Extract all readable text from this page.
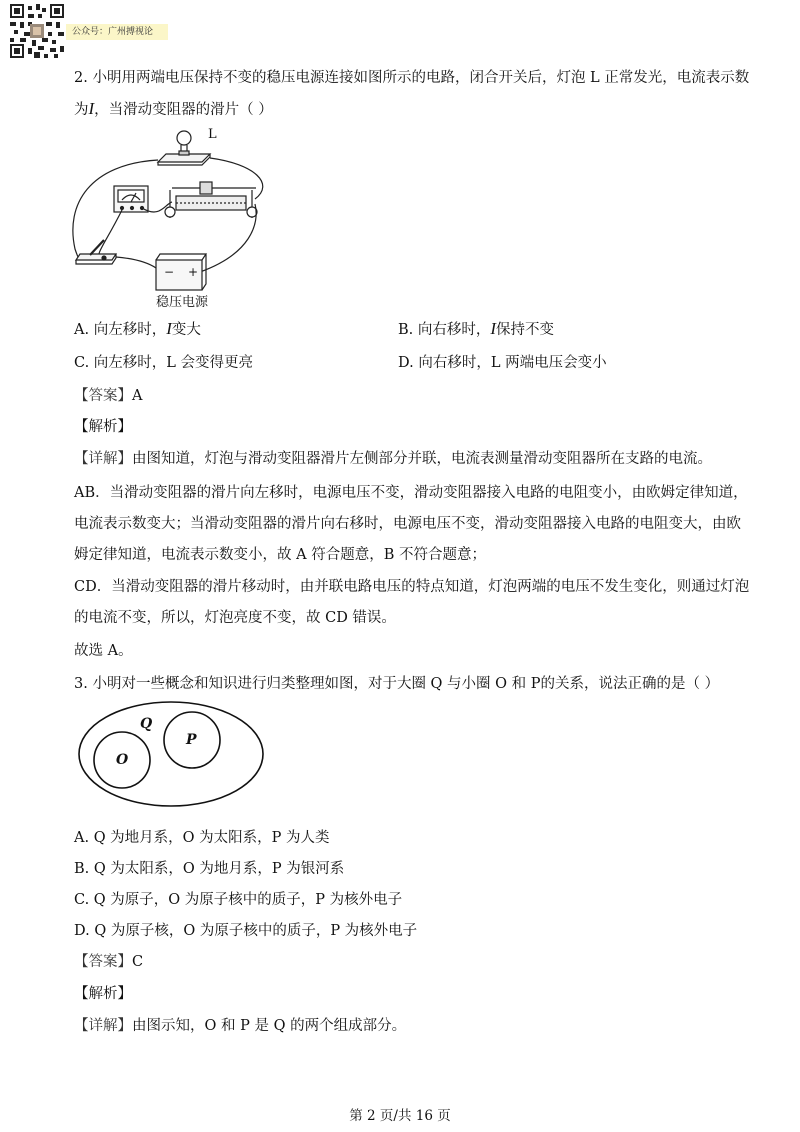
公众号：广州搏视论
2. 小明用两端电压保持不变的稳压电源连接如图所示的电路，闭合开关后，灯泡 L 正常发光，电流表示数
为I，当滑动变阻器的滑片（ ）
L
− +
稳压电源
A. 向左移时，I变大	B. 向右移时，I保持不变
C. 向左移时，L 会变得更亮	D. 向右移时，L 两端电压会变小
【答案】A
【解析】
【详解】由图知道，灯泡与滑动变阻器滑片左侧部分并联，电流表测量滑动变阻器所在支路的电流。
AB．当滑动变阻器的滑片向左移时，电源电压不变，滑动变阻器接入电路的电阻变小，由欧姆定律知道，
电流表示数变大；当滑动变阻器的滑片向右移时，电源电压不变，滑动变阻器接入电路的电阻变大，由欧
姆定律知道，电流表示数变小，故 A 符合题意，B 不符合题意；
CD．当滑动变阻器的滑片移动时，由并联电路电压的特点知道，灯泡两端的电压不发生变化，则通过灯泡
的电流不变，所以，灯泡亮度不变，故 CD 错误。
故选 A。
3. 小明对一些概念和知识进行归类整理如图，对于大圈 Q 与小圈 O 和 P的关系，说法正确的是（ ）
Q
O
P
A. Q 为地月系，O 为太阳系，P 为人类
B. Q 为太阳系，O 为地月系，P 为银河系
C. Q 为原子，O 为原子核中的质子，P 为核外电子
D. Q 为原子核，O 为原子核中的质子，P 为核外电子
【答案】C
【解析】
【详解】由图示知，O 和 P 是 Q 的两个组成部分。
第 2 页/共 16 页
